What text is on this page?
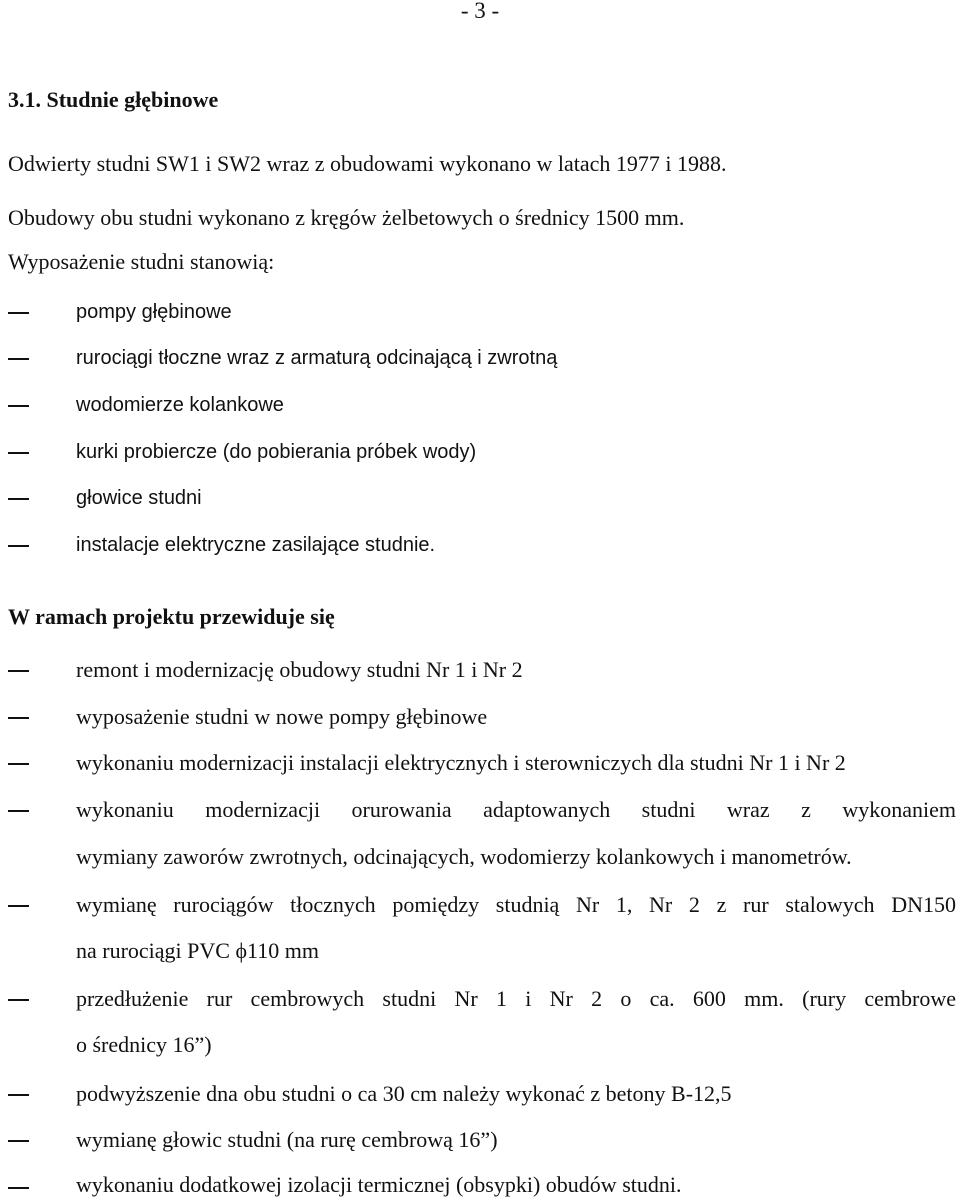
- 3 -
3.1. Studnie głębinowe
Odwierty studni SW1 i SW2 wraz z obudowami wykonano w latach 1977 i 1988.
Obudowy obu studni wykonano z kręgów żelbetowych o średnicy 1500 mm.
Wyposażenie studni stanowią:
pompy głębinowe
rurociągi tłoczne wraz z armaturą odcinającą i zwrotną
wodomierze kolankowe
kurki probiercze (do pobierania próbek wody)
głowice studni
instalacje elektryczne zasilające studnie.
W ramach projektu przewiduje się
remont i modernizację obudowy studni Nr 1 i Nr 2
wyposażenie studni w nowe pompy głębinowe
wykonaniu modernizacji instalacji elektrycznych i sterowniczych dla studni Nr 1 i Nr 2
wykonaniu modernizacji orurowania adaptowanych studni wraz z wykonaniem
wymiany zaworów zwrotnych, odcinających, wodomierzy kolankowych i manometrów.
wymianę rurociągów tłocznych pomiędzy studnią Nr 1, Nr 2 z rur stalowych DN150
na rurociągi PVC ϕ110 mm
przedłużenie rur cembrowych studni Nr 1 i Nr 2 o ca. 600 mm. (rury cembrowe
o średnicy 16”)
podwyższenie dna obu studni o ca 30 cm należy wykonać z betony B-12,5
wymianę głowic studni (na rurę cembrową 16”)
wykonaniu dodatkowej izolacji termicznej (obsypki) obudów studni.
